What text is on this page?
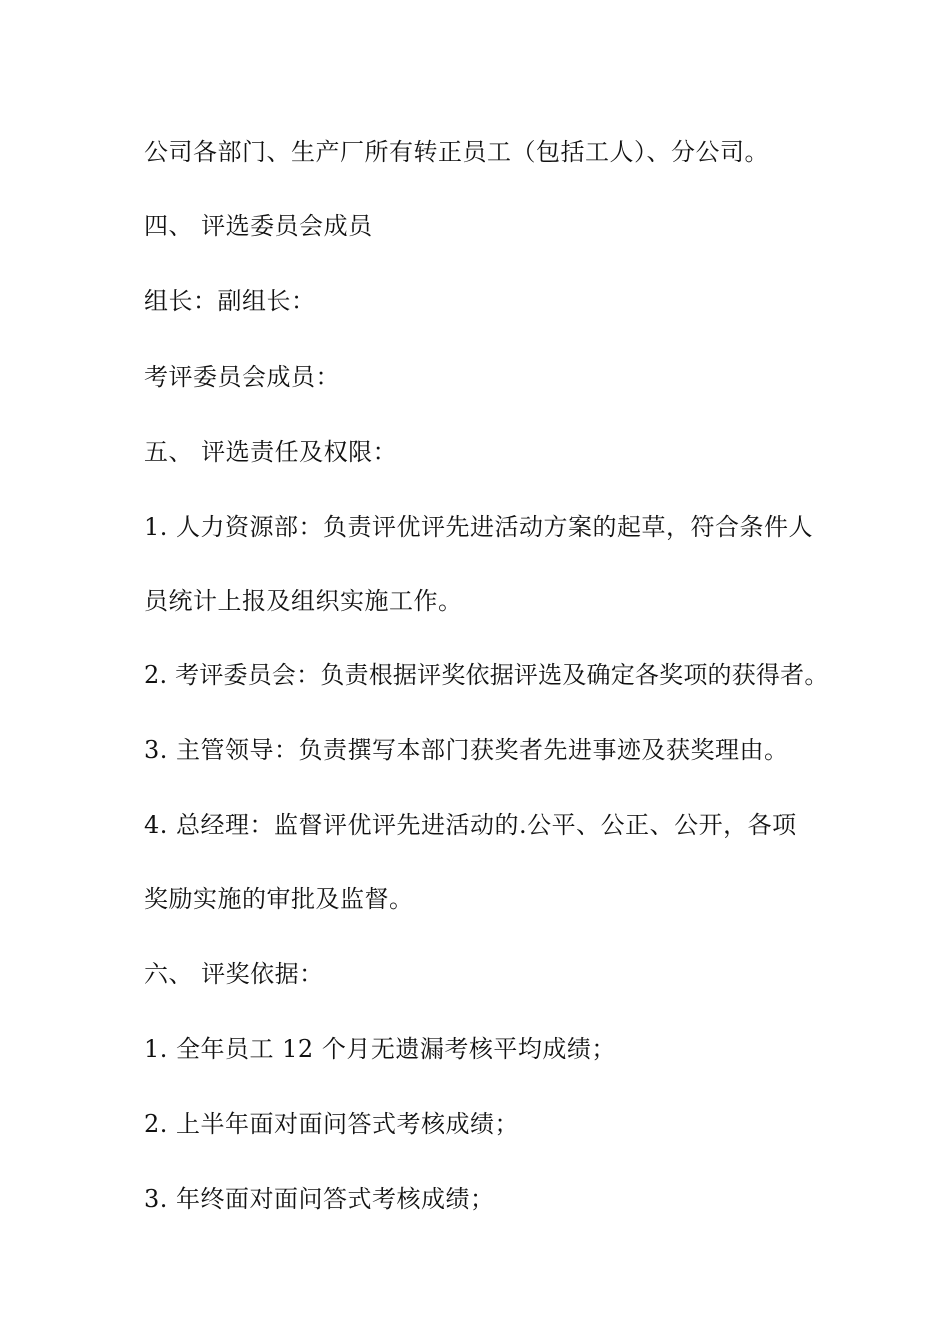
公司各部门、生产厂所有转正员工（包括工人）、分公司。
四、 评选委员会成员
组长：副组长：
考评委员会成员：
五、 评选责任及权限：
1. 人力资源部：负责评优评先进活动方案的起草，符合条件人
员统计上报及组织实施工作。
2. 考评委员会：负责根据评奖依据评选及确定各奖项的获得者。
3. 主管领导：负责撰写本部门获奖者先进事迹及获奖理由。
4. 总经理：监督评优评先进活动的.公平、公正、公开，各项
奖励实施的审批及监督。
六、 评奖依据：
1. 全年员工 12 个月无遗漏考核平均成绩；
2. 上半年面对面问答式考核成绩；
3. 年终面对面问答式考核成绩；
